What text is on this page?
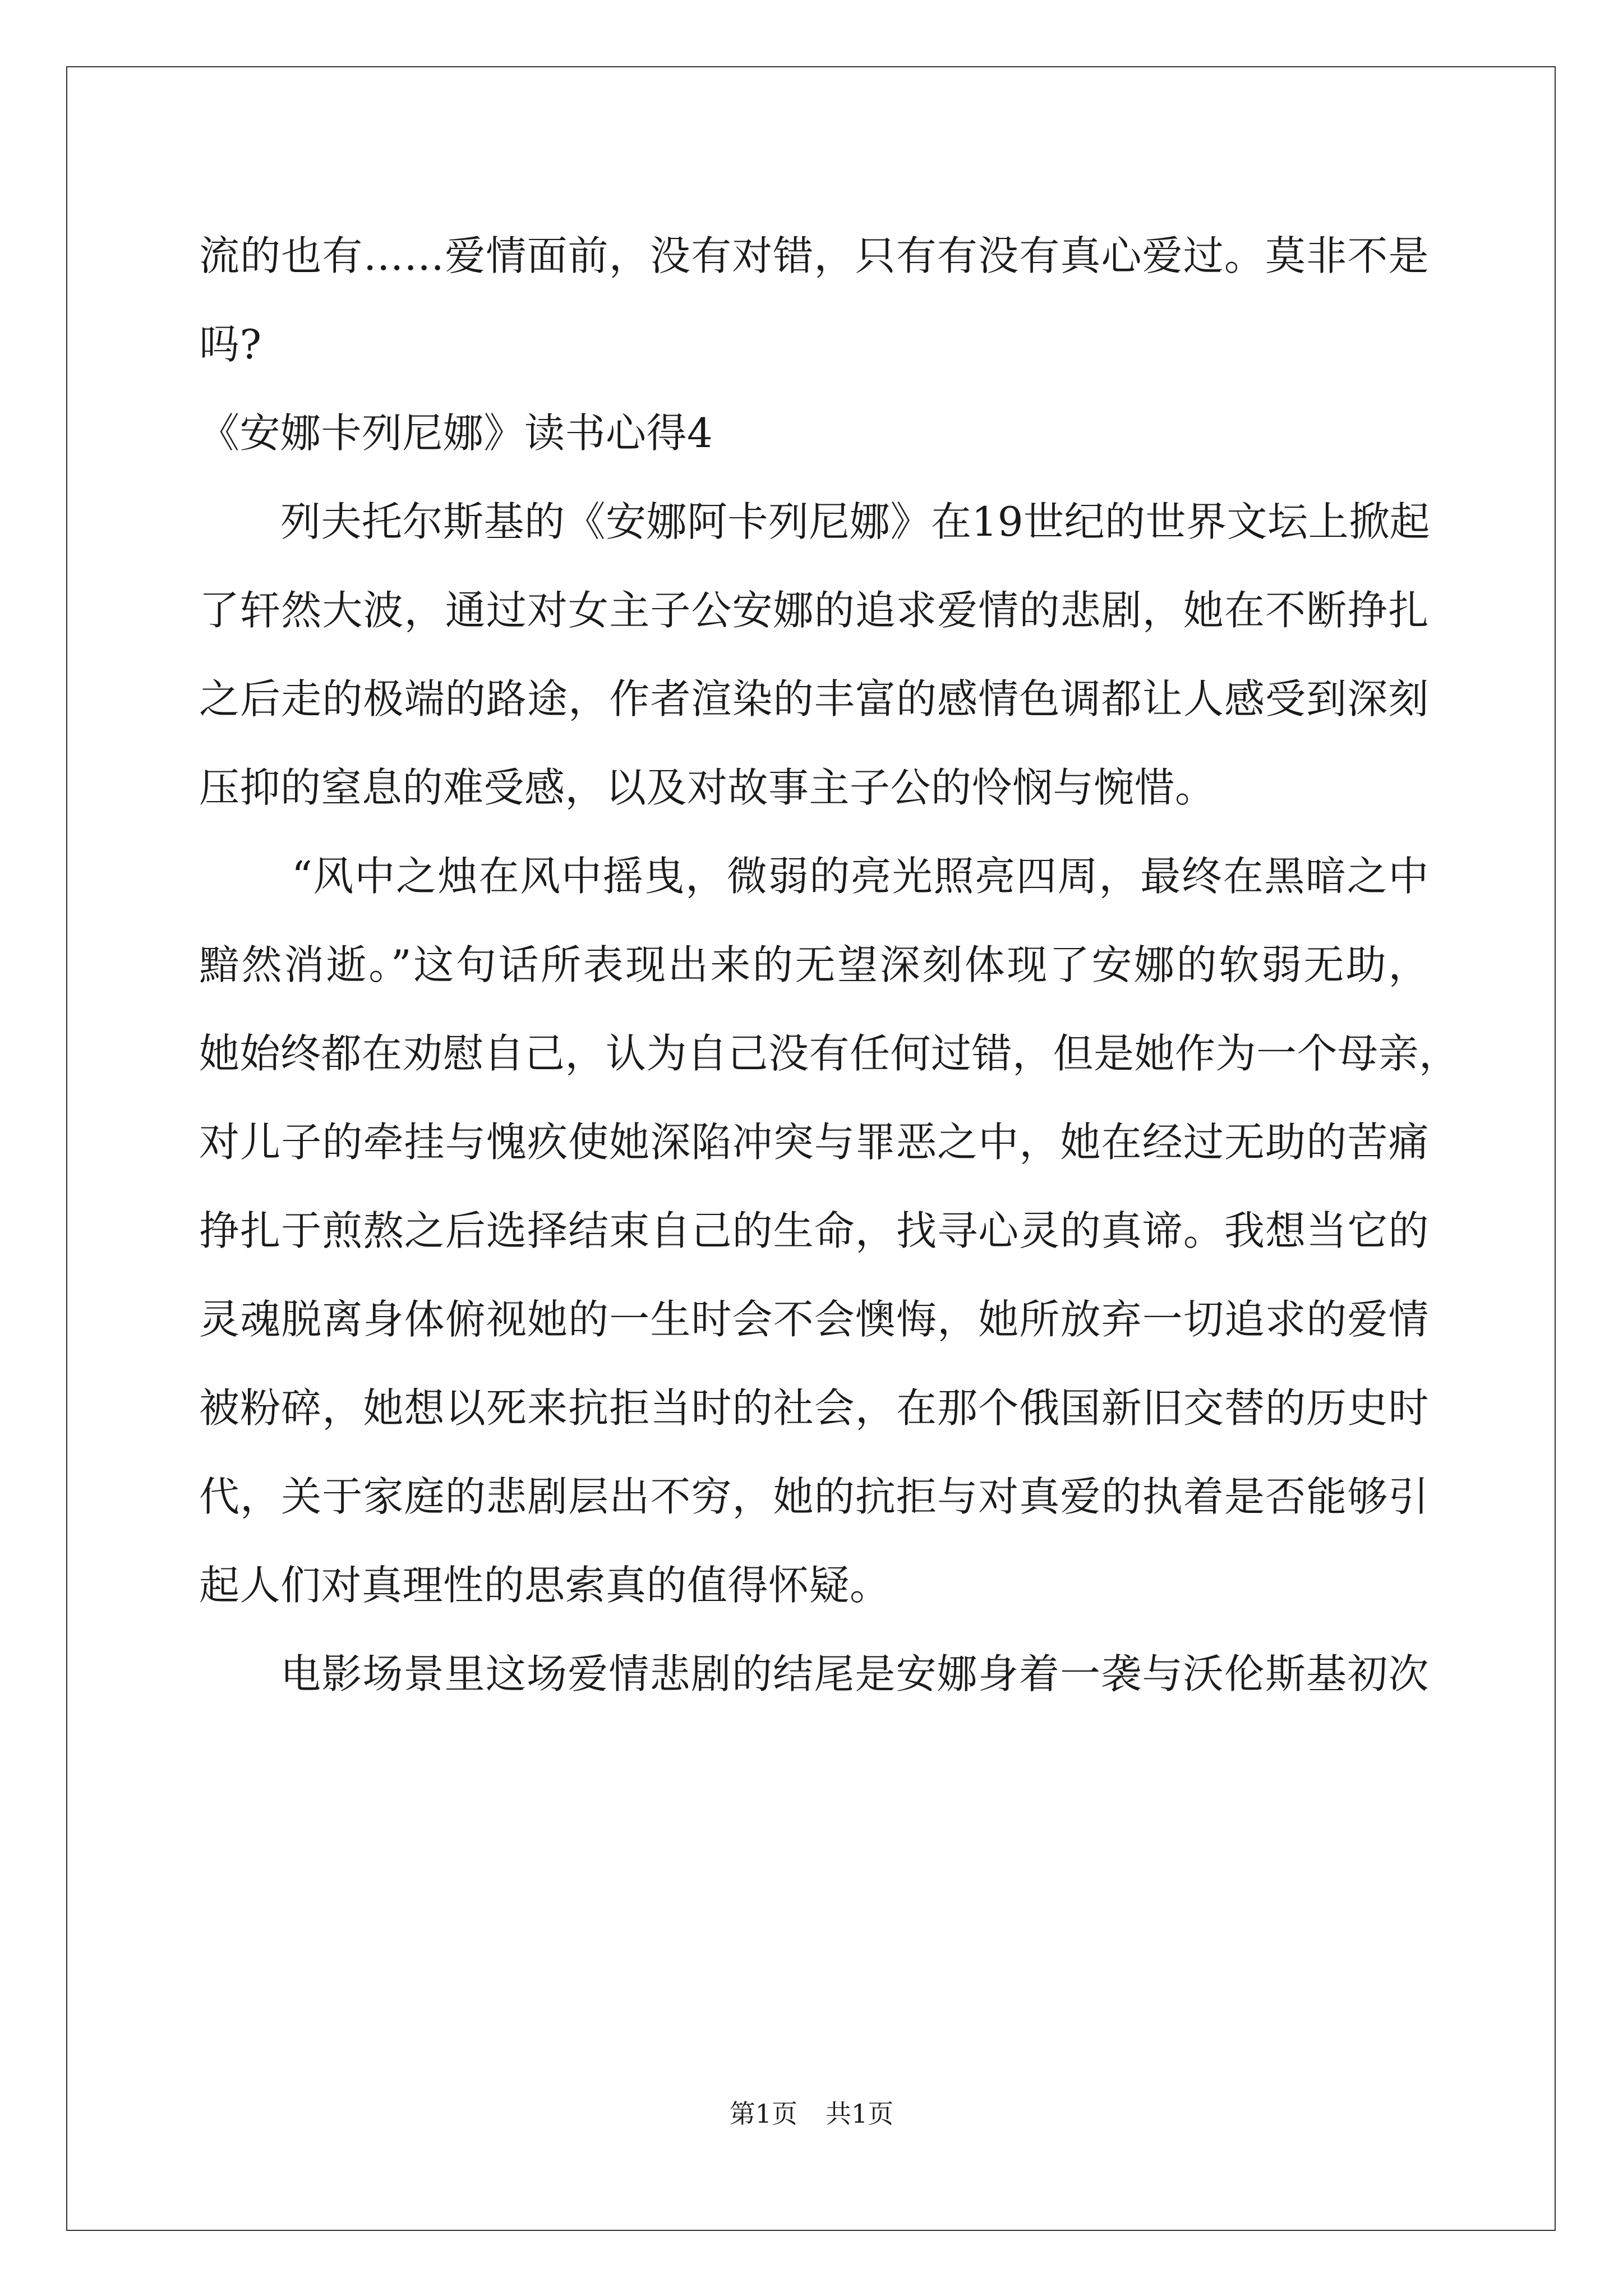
流的也有……爱情面前，没有对错，只有有没有真心爱过。莫非不是
吗?
《安娜卡列尼娜》读书心得4
列夫托尔斯基的《安娜阿卡列尼娜》在19世纪的世界文坛上掀起
了轩然大波，通过对女主子公安娜的追求爱情的悲剧，她在不断挣扎
之后走的极端的路途，作者渲染的丰富的感情色调都让人感受到深刻
压抑的窒息的难受感，以及对故事主子公的怜悯与惋惜。
“风中之烛在风中摇曳，微弱的亮光照亮四周，最终在黑暗之中
黯然消逝。”这句话所表现出来的无望深刻体现了安娜的软弱无助，
她始终都在劝慰自己，认为自己没有任何过错，但是她作为一个母亲，
对儿子的牵挂与愧疚使她深陷冲突与罪恶之中，她在经过无助的苦痛
挣扎于煎熬之后选择结束自己的生命，找寻心灵的真谛。我想当它的
灵魂脱离身体俯视她的一生时会不会懊悔，她所放弃一切追求的爱情
被粉碎，她想以死来抗拒当时的社会，在那个俄国新旧交替的历史时
代，关于家庭的悲剧层出不穷，她的抗拒与对真爱的执着是否能够引
起人们对真理性的思索真的值得怀疑。
电影场景里这场爱情悲剧的结尾是安娜身着一袭与沃伦斯基初次
第1页 共1页
